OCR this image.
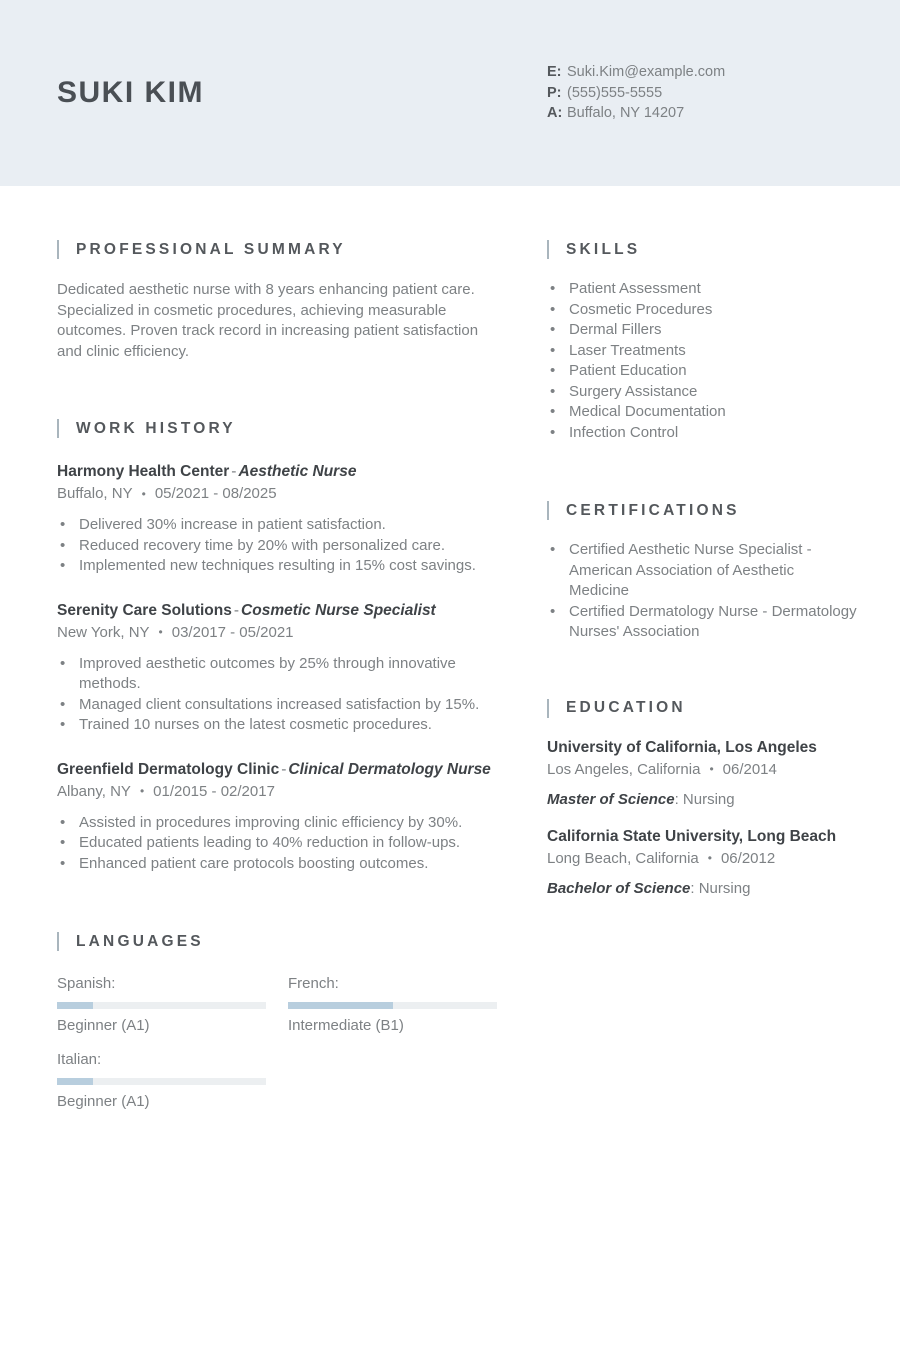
SUKI KIM
E: Suki.Kim@example.com
P: (555)555-5555
A: Buffalo, NY 14207
PROFESSIONAL SUMMARY

Dedicated aesthetic nurse with 8 years enhancing patient care. Specialized in cosmetic procedures, achieving measurable outcomes. Proven track record in increasing patient satisfaction and clinic efficiency.

WORK HISTORY
Harmony Health Center - Aesthetic Nurse
Buffalo, NY • 05/2021 - 08/2025
• Delivered 30% increase in patient satisfaction.
• Reduced recovery time by 20% with personalized care.
• Implemented new techniques resulting in 15% cost savings.
Serenity Care Solutions - Cosmetic Nurse Specialist
New York, NY • 03/2017 - 05/2021
• Improved aesthetic outcomes by 25% through innovative methods.
• Managed client consultations increased satisfaction by 15%.
• Trained 10 nurses on the latest cosmetic procedures.
Greenfield Dermatology Clinic - Clinical Dermatology Nurse
Albany, NY • 01/2015 - 02/2017
• Assisted in procedures improving clinic efficiency by 30%.
• Educated patients leading to 40% reduction in follow-ups.
• Enhanced patient care protocols boosting outcomes.
LANGUAGES
Spanish:
Beginner (A1)
French:
Intermediate (B1)
Italian:
Beginner (A1)
SKILLS
• Patient Assessment
• Cosmetic Procedures
• Dermal Fillers
• Laser Treatments
• Patient Education
• Surgery Assistance
• Medical Documentation
• Infection Control
CERTIFICATIONS
• Certified Aesthetic Nurse Specialist - American Association of Aesthetic Medicine
• Certified Dermatology Nurse - Dermatology Nurses' Association
EDUCATION
University of California, Los Angeles
Los Angeles, California • 06/2014
Master of Science: Nursing
California State University, Long Beach
Long Beach, California • 06/2012
Bachelor of Science: Nursing
